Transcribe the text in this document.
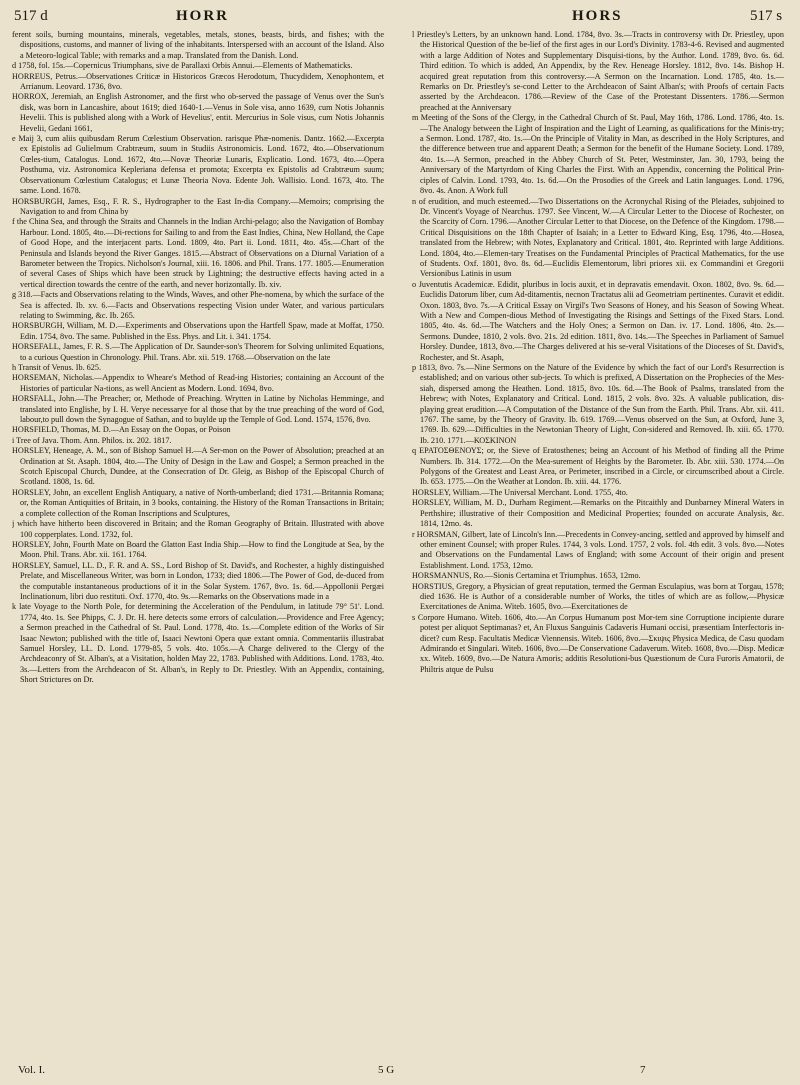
517 d	HORR	HORS	517 s

ferent soils, burning mountains, minerals, vegetables, metals, stones, beasts, birds, and fishes; with the dispositions, customs, and manner of living of the inhabitants. Interspersed with an account of the Island. Also a Meteoro-logical Table; with remarks and a map. Translated from the Danish. Lond.

d 1758, fol. 15s.—Copernicus Triumphans, sive de Parallaxi Orbis Annui.—Elements of Mathematicks.

HORREUS, Petrus.—Observationes Criticæ in Historicos Græcos Herodotum, Thucydidem, Xenophontem, et Arrianum. Leovard. 1736, 8vo.

HORROX, Jeremiah, an English Astronomer, and the first who ob-served the passage of Venus over the Sun's disk, was born in Lancashire, about 1619; died 1640-1.—Venus in Sole visa, anno 1639, cum Notis Johannis Hevelii. This is published along with a Work of Hevelius', entit. Mercurius in Sole visus, cum Notis Johannis Hevelii, Gedani 1661,

e Maij 3, cum aliis quibusdam Rerum Cœlestium Observation. rarisque Phæ-nomenis. Dantz. 1662.—Excerpta ex Epistolis ad Gulielmum Crabtræum, suum in Studiis Astronomicis. Lond. 1672, 4to.—Observationum Cœles-tium, Catalogus. Lond. 1672, 4to.—Novæ Theoriæ Lunaris, Explicatio. Lond. 1673, 4to.—Opera Posthuma, viz. Astronomica Kepleriana defensa et promota; Excerpta ex Epistolis ad Crabtræum suum; Observationum Cœlestium Catalogus; et Lunæ Theoria Nova. Edente Joh. Wallisio. Lond. 1673, 4to. The same. Lond. 1678.

HORSBURGH, James, Esq., F. R. S., Hydrographer to the East In-dia Company.—Memoirs; comprising the Navigation to and from China by

f the China Sea, and through the Straits and Channels in the Indian Archi-pelago; also the Navigation of Bombay Harbour. Lond. 1805, 4to.—Di-rections for Sailing to and from the East Indies, China, New Holland, the Cape of Good Hope, and the interjacent parts. Lond. 1809, 4to. Part ii. Lond. 1811, 4to. 45s.—Chart of the Peninsula and Islands beyond the River Ganges. 1815.—Abstract of Observations on a Diurnal Variation of a Barometer between the Tropics. Nicholson's Journal, xiii. 16. 1806. and Phil. Trans. 177. 1805.—Enumeration of several Cases of Ships which have been struck by Lightning; the destructive effects having acted in a vertical direction towards the centre of the earth, and never horizontally. Ib. xiv.

g 318.—Facts and Observations relating to the Winds, Waves, and other Phe-nomena, by which the surface of the Sea is affected. Ib. xv. 6.—Facts and Observations respecting Vision under Water, and various particulars relating to Swimming, &c. Ib. 265.

HORSBURGH, William, M. D.—Experiments and Observations upon the Hartfell Spaw, made at Moffat, 1750. Edin. 1754, 8vo. The same. Published in the Ess. Phys. and Lit. i. 341. 1754.

HORSEFALL, James, F. R. S.—The Application of Dr. Saunder-son's Theorem for Solving unlimited Equations, to a curious Question in Chronology. Phil. Trans. Abr. xii. 519. 1768.—Observation on the late

h Transit of Venus. Ib. 625.

HORSEMAN, Nicholas.—Appendix to Wheare's Method of Read-ing Histories; containing an Account of the Histories of particular Na-tions, as well Ancient as Modern. Lond. 1694, 8vo.

HORSFALL, John.—The Preacher; or, Methode of Preaching. Wrytten in Latine by Nicholas Hemminge, and translated into Englishe, by I. H. Verye necessarye for al those that by the true preaching of the word of God, labour,to pull down the Synagogue of Sathan, and to buylde up the Temple of God. Lond. 1574, 1576, 8vo.

HORSFIELD, Thomas, M. D.—An Essay on the Oopas, or Poison

i Tree of Java. Thom. Ann. Philos. ix. 202. 1817.

HORSLEY, Heneage, A. M., son of Bishop Samuel H.—A Ser-mon on the Power of Absolution; preached at an Ordination at St. Asaph. 1804, 4to.—The Unity of Design in the Law and Gospel; a Sermon preached in the Scotch Episcopal Church, Dundee, at the Consecration of Dr. Gleig, as Bishop of the Episcopal Church of Scotland. 1808, 1s. 6d.

HORSLEY, John, an excellent English Antiquary, a native of North-umberland; died 1731.—Britannia Romana; or, the Roman Antiquities of Britain, in 3 books, containing. the History of the Roman Transactions in Britain; a complete collection of the Roman Inscriptions and Sculptures,

j which have hitherto been discovered in Britain; and the Roman Geography of Britain. Illustrated with above 100 copperplates. Lond. 1732, fol.

HORSLEY, John, Fourth Mate on Board the Glatton East India Ship.—How to find the Longitude at Sea, by the Moon. Phil. Trans. Abr. xii. 161. 1764.

HORSLEY, Samuel, LL. D., F. R. and A. SS., Lord Bishop of St. David's, and Rochester, a highly distinguished Prelate, and Miscellaneous Writer, was born in London, 1733; died 1806.—The Power of God, de-duced from the computable instantaneous productions of it in the Solar System. 1767, 8vo. 1s. 6d.—Appollonii Pergæi Inclinationum, libri duo restituti. Oxf. 1770, 4to. 9s.—Remarks on the Observations made in a

k late Voyage to the North Pole, for determining the Acceleration of the Pendulum, in latitude 79° 51'. Lond. 1774, 4to. 1s. See Phipps, C. J. Dr. H. here detects some errors of calculation.—Providence and Free Agency; a Sermon preached in the Cathedral of St. Paul. Lond. 1778, 4to. 1s.—Complete edition of the Works of Sir Isaac Newton; published with the title of, Isaaci Newtoni Opera quæ extant omnia. Commentariis illustrabat Samuel Horsley, LL. D. Lond. 1779-85, 5 vols. 4to. 105s.—A Charge delivered to the Clergy of the Archdeaconry of St. Alban's, at a Visitation, holden May 22, 1783. Published with Additions. Lond. 1783, 4to. 3s.—Letters from the Archdeacon of St. Alban's, in Reply to Dr. Priestley. With an Appendix, containing, Short Strictures on Dr.

l Priestley's Letters, by an unknown hand. Lond. 1784, 8vo. 3s.—Tracts in controversy with Dr. Priestley, upon the Historical Question of the be-lief of the first ages in our Lord's Divinity. 1783-4-6. Revised and augmented with a large Addition of Notes and Supplementary Disquisi-tions, by the Author. Lond. 1789, 8vo. 6s. 6d. Third edition. To which is added, An Appendix, by the Rev. Heneage Horsley. 1812, 8vo. 14s. Bishop H. acquired great reputation from this controversy.—A Sermon on the Incarnation. Lond. 1785, 4to. 1s.—Remarks on Dr. Priestley's se-cond Letter to the Archdeacon of Saint Alban's; with Proofs of certain Facts asserted by the Archdeacon. 1786.—Review of the Case of the Protestant Dissenters. 1786.—Sermon preached at the Anniversary

m Meeting of the Sons of the Clergy, in the Cathedral Church of St. Paul, May 16th, 1786. Lond. 1786, 4to. 1s.—The Analogy between the Light of Inspiration and the Light of Learning, as qualifications for the Minis-try; a Sermon. Lond. 1787, 4to. 1s.—On the Principle of Vitality in Man, as described in the Holy Scriptures, and the difference between true and apparent Death; a Sermon for the benefit of the Humane Society. Lond. 1789, 4to. 1s.—A Sermon, preached in the Abbey Church of St. Peter, Westminster, Jan. 30, 1793, being the Anniversary of the Martyrdom of King Charles the First. With an Appendix, concerning the Political Prin-ciples of Calvin. Lond. 1793, 4to. 1s. 6d.—On the Prosodies of the Greek and Latin languages. Lond. 1796, 8vo. 4s. Anon. A Work full

n of erudition, and much esteemed.—Two Dissertations on the Acronychal Rising of the Pleiades, subjoined to Dr. Vincent's Voyage of Nearchus. 1797. See Vincent, W.—A Circular Letter to the Diocese of Rochester, on the Scarcity of Corn. 1796.—Another Circular Letter to that Diocese, on the Defence of the Kingdom. 1798.—Critical Disquisitions on the 18th Chapter of Isaiah; in a Letter to Edward King, Esq. 1796, 4to.—Hosea, translated from the Hebrew; with Notes, Explanatory and Critical. 1801, 4to. Reprinted with large Additions. Lond. 1804, 4to.—Elemen-tary Treatises on the Fundamental Principles of Practical Mathematics, for the use of Students. Oxf. 1801, 8vo. 8s. 6d.—Euclidis Elementorum, libri priores xii. ex Commandini et Gregorii Versionibus Latinis in usum

o Juventutis Academicæ. Edidit, pluribus in locis auxit, et in depravatis emendavit. Oxon. 1802, 8vo. 9s. 6d.—Euclidis Datorum liber, cum Ad-ditamentis, necnon Tractatus alii ad Geometriam pertinentes. Curavit et edidit. Oxon. 1803, 8vo. 7s.—A Critical Essay on Virgil's Two Seasons of Honey, and his Season of Sowing Wheat. With a New and Compen-dious Method of Investigating the Risings and Settings of the Fixed Stars. Lond. 1805, 4to. 4s. 6d.—The Watchers and the Holy Ones; a Sermon on Dan. iv. 17. Lond. 1806, 4to. 2s.—Sermons. Dundee, 1810, 2 vols. 8vo. 21s. 2d edition. 1811, 8vo. 14s.—The Speeches in Parliament of Samuel Horsley. Dundee, 1813, 8vo.—The Charges delivered at his se-veral Visitations of the Dioceses of St. David's, Rochester, and St. Asaph,

p 1813, 8vo. 7s.—Nine Sermons on the Nature of the Evidence by which the fact of our Lord's Resurrection is established; and on various other sub-jects. To which is prefixed, A Dissertation on the Prophecies of the Mes-siah, dispersed among the Heathen. Lond. 1815, 8vo. 10s. 6d.—The Book of Psalms, translated from the Hebrew; with Notes, Explanatory and Critical. Lond. 1815, 2 vols. 8vo. 32s. A valuable publication, dis-playing great erudition.—A Computation of the Distance of the Sun from the Earth. Phil. Trans. Abr. xii. 411. 1767. The same, by the Theory of Gravity. Ib. 619. 1769.—Venus observed on the Sun, at Oxford, June 3, 1769. Ib. 629.—Difficulties in the Newtonian Theory of Light, Con-sidered and Removed. Ib. xiii. 65. 1770. Ib. 210. 1771.—ΚΟΣΚΙΝΟΝ

q ΕΡΑΤΟΣΘΕΝΟΥΣ; or, the Sieve of Eratosthenes; being an Account of his Method of finding all the Prime Numbers. Ib. 314. 1772.—On the Mea-surement of Heights by the Barometer. Ib. Abr. xiii. 530. 1774.—On Polygons of the Greatest and Least Area, or Perimeter, inscribed in a Circle, or circumscribed about a Circle. Ib. 653. 1775.—On the Weather at London. Ib. xiii. 44. 1776.

HORSLEY, William.—The Universal Merchant. Lond. 1755, 4to.

HORSLEY, William, M. D., Durham Regiment.—Remarks on the Pitcaithly and Dunbarney Mineral Waters in Perthshire; illustrative of their Composition and Medicinal Properties; founded on accurate Analysis, &c. 1814, 12mo. 4s.

r HORSMAN, Gilbert, late of Lincoln's Inn.—Precedents in Convey-ancing, settled and approved by himself and other eminent Counsel; with proper Rules. 1744, 3 vols. Lond. 1757, 2 vols. fol. 4th edit. 3 vols. 8vo.—Notes and Observations on the Fundamental Laws of England; with some Account of their origin and present Establishment. Lond. 1753, 12mo.

HORSMANNUS, Ro.—Sionis Certamina et Triumphus. 1653, 12mo.

HORSTIUS, Gregory, a Physician of great reputation, termed the German Esculapius, was born at Torgau, 1578; died 1636. He is Author of a considerable number of Works, the titles of which are as follow,—Physicæ Exercitationes de Anima. Witeb. 1605, 8vo.—Exercitationes de

s Corpore Humano. Witeb. 1606, 4to.—An Corpus Humanum post Mor-tem sine Corruptione incipiente durare potest per aliquot Septimanas? et, An Fluxus Sanguinis Cadaveris Humani occisi, præsentiam Interfectoris in-dicet? cum Resp. Facultatis Medicæ Viennensis. Witeb. 1606, 8vo.—Σκιψις Physica Medica, de Casu quodam Admirando et Singulari. Witeb. 1606, 8vo.—De Conservatione Cadaverum. Witeb. 1608, 8vo.—Disp. Medicæ xx. Witeb. 1609, 8vo.—De Natura Amoris; additis Resolutioni-bus Quæstionum de Cura Furoris Amatorii, de Philtris atque de Pulsu

Vol. I.	5 G	7
